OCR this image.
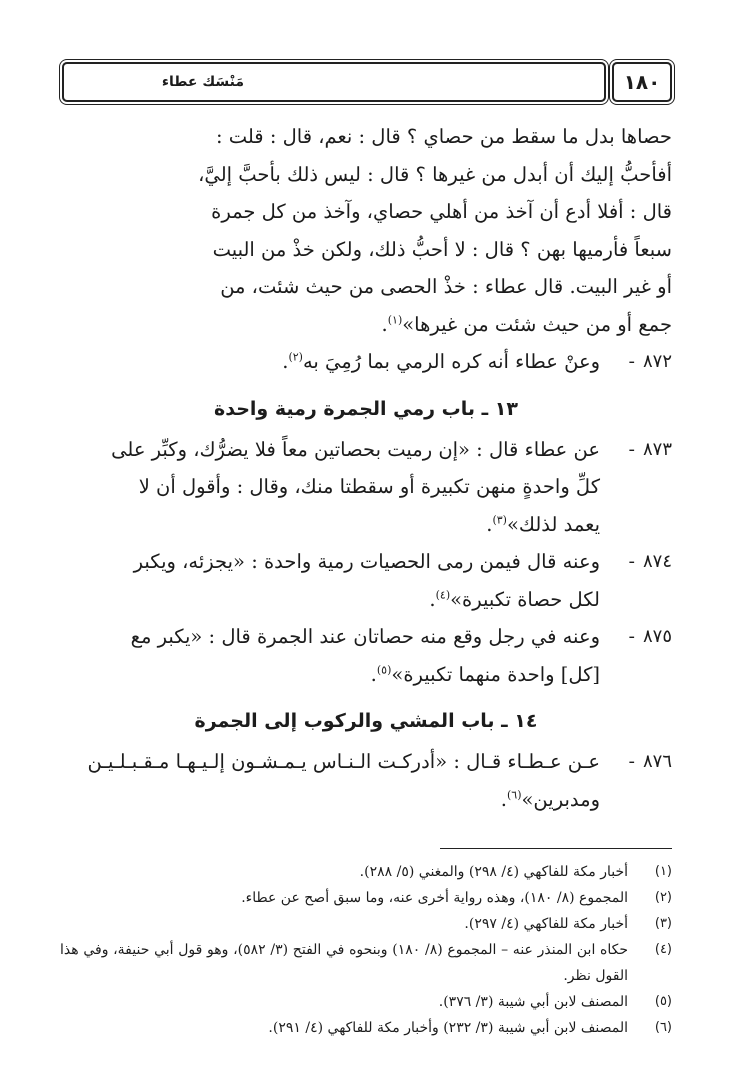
١٨٠
مَنْسَك عطاء

حصاها بدل ما سقط من حصاي ؟ قال : نعم، قال : قلت :

أفأحبُّ إليك أن أبدل من غيرها ؟ قال : ليس ذلك بأحبَّ إليَّ،

قال : أفلا أدع أن آخذ من أهلي حصاي، وآخذ من كل جمرة

سبعاً فأرميها بهن ؟ قال : لا أحبُّ ذلك، ولكن خذْ من البيت

أو غير البيت. قال عطاء : خذْ الحصى من حيث شئت، من

جمع أو من حيث شئت من غيرها»$^{(١)}$.

٨٧٢-

وعنْ عطاء أنه كره الرمي بما رُمِيَ به$^{(٢)}$.

١٣ ـ باب رمي الجمرة رمية واحدة
٨٧٣-

عن عطاء قال : «إن رميت بحصاتين معاً فلا يضرُّك، وكبِّر على

كلِّ واحدةٍ منهن تكبيرة أو سقطتا منك، وقال : وأقول أن لا

يعمد لذلك»$^{(٣)}$.

٨٧٤-

وعنه قال فيمن رمى الحصيات رمية واحدة : «يجزئه، ويكبر

لكل حصاة تكبيرة»$^{(٤)}$.

٨٧٥-

وعنه في رجل وقع منه حصاتان عند الجمرة قال : «يكبر مع

[كل] واحدة منهما تكبيرة»$^{(٥)}$.

١٤ ـ باب المشي والركوب إلى الجمرة
٨٧٦-

عـن عـطـاء قـال : «أدركـت الـنـاس يـمـشـون إلـيـهـا مـقـبـلـيـن

ومدبرين»$^{(٦)}$.

(١)
أخبار مكة للفاكهي (٤/ ٢٩٨) والمغني (٥/ ٢٨٨).
(٢)
المجموع (٨/ ١٨٠)، وهذه رواية أخرى عنه، وما سبق أصح عن عطاء.
(٣)
أخبار مكة للفاكهي (٤/ ٢٩٧).
(٤)
حكاه ابن المنذر عنه – المجموع (٨/ ١٨٠) وبنحوه في الفتح (٣/ ٥٨٢)، وهو قول أبي حنيفة، وفي هذا القول نظر.
(٥)
المصنف لابن أبي شيبة (٣/ ٣٧٦).
(٦)
المصنف لابن أبي شيبة (٣/ ٢٣٢) وأخبار مكة للفاكهي (٤/ ٢٩١).
